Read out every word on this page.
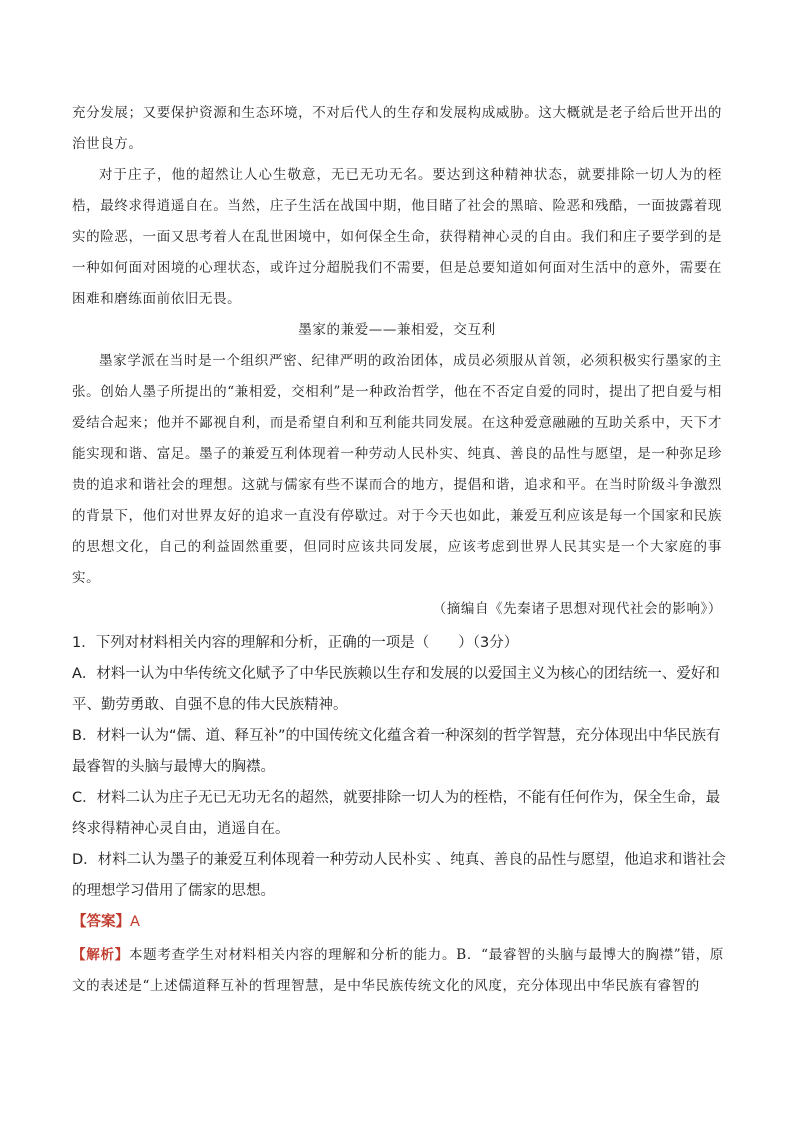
充分发展；又要保护资源和生态环境，不对后代人的生存和发展构成威胁。这大概就是老子给后世开出的治世良方。
对于庄子，他的超然让人心生敬意，无已无功无名。要达到这种精神状态，就要排除一切人为的桎梏，最终求得逍遥自在。当然，庄子生活在战国中期，他目睹了社会的黑暗、险恶和残酷，一面披露着现实的险恶，一面又思考着人在乱世困境中，如何保全生命，获得精神心灵的自由。我们和庄子要学到的是一种如何面对困境的心理状态，或许过分超脱我们不需要，但是总要知道如何面对生活中的意外，需要在困难和磨练面前依旧无畏。
墨家的兼爱——兼相爱，交互利
墨家学派在当时是一个组织严密、纪律严明的政治团体，成员必须服从首领，必须积极实行墨家的主张。创始人墨子所提出的“兼相爱，交相利”是一种政治哲学，他在不否定自爱的同时，提出了把自爱与相爱结合起来；他并不鄙视自利，而是希望自利和互利能共同发展。在这种爱意融融的互助关系中，天下才能实现和谐、富足。墨子的兼爱互利体现着一种劳动人民朴实、纯真、善良的品性与愿望，是一种弥足珍贵的追求和谐社会的理想。这就与儒家有些不谋而合的地方，提倡和谐，追求和平。在当时阶级斗争激烈的背景下，他们对世界友好的追求一直没有停歇过。对于今天也如此，兼爱互利应该是每一个国家和民族的思想文化，自己的利益固然重要，但同时应该共同发展，应该考虑到世界人民其实是一个大家庭的事实。
（摘编自《先秦诸子思想对现代社会的影响》）
1．下列对材料相关内容的理解和分析，正确的一项是（　　）（3分）
A．材料一认为中华传统文化赋予了中华民族赖以生存和发展的以爱国主义为核心的团结统一、爱好和平、勤劳勇敢、自强不息的伟大民族精神。
B．材料一认为“儒、道、释互补”的中国传统文化蕴含着一种深刻的哲学智慧，充分体现出中华民族有最睿智的头脑与最博大的胸襟。
C．材料二认为庄子无已无功无名的超然，就要排除一切人为的桎梏，不能有任何作为，保全生命，最终求得精神心灵自由，逍遥自在。
D．材料二认为墨子的兼爱互利体现着一种劳动人民朴实 、纯真、善良的品性与愿望，他追求和谐社会的理想学习借用了儒家的思想。
【答案】A
【解析】本题考查学生对材料相关内容的理解和分析的能力。B．“最睿智的头脑与最博大的胸襟”错，原文的表述是“上述儒道释互补的哲理智慧，是中华民族传统文化的风度，充分体现出中华民族有睿智的
